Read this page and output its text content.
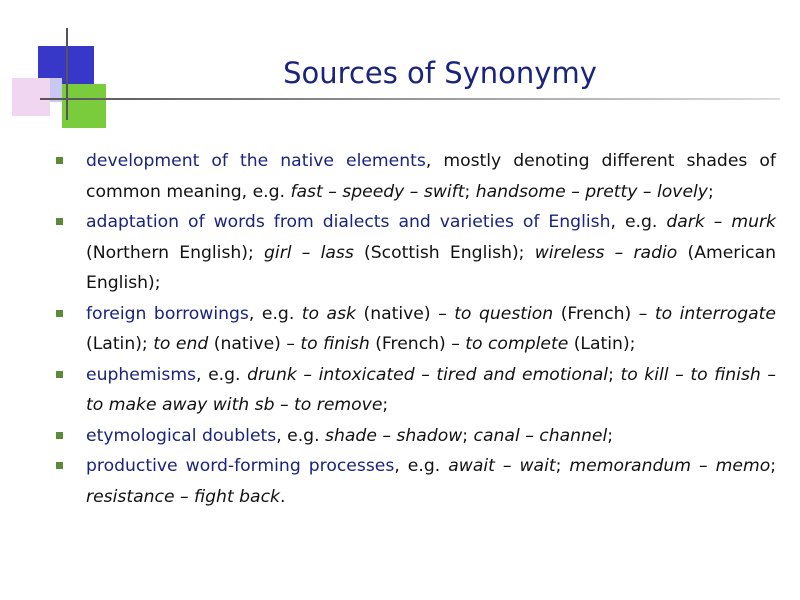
Sources of Synonymy
development of the native elements, mostly denoting different shades of common meaning, e.g. fast – speedy – swift; handsome – pretty – lovely;
adaptation of words from dialects and varieties of English, e.g. dark – murk (Northern English); girl – lass (Scottish English); wireless – radio (American English);
foreign borrowings, e.g. to ask (native) – to question (French) – to interrogate (Latin); to end (native) – to finish (French) – to complete (Latin);
euphemisms, e.g. drunk – intoxicated – tired and emotional; to kill – to finish – to make away with sb – to remove;
etymological doublets, e.g. shade – shadow; canal – channel;
productive word-forming processes, e.g. await – wait; memorandum – memo; resistance – fight back.
